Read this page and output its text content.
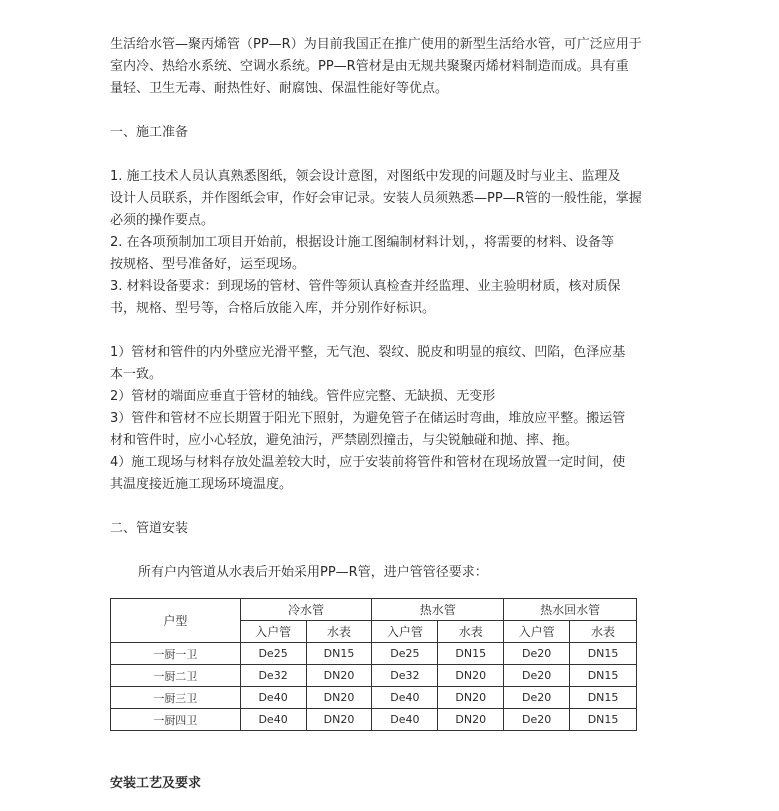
生活给水管—聚丙烯管（PP—R）为目前我国正在推广使用的新型生活给水管，可广泛应用于

室内冷、热给水系统、空调水系统。PP—R管材是由无规共聚聚丙烯材料制造而成。具有重

量轻、卫生无毒、耐热性好、耐腐蚀、保温性能好等优点。

一、施工准备

1. 施工技术人员认真熟悉图纸，领会设计意图，对图纸中发现的问题及时与业主、监理及

设计人员联系，并作图纸会审，作好会审记录。安装人员须熟悉—PP—R管的一般性能，掌握

必须的操作要点。

2. 在各项预制加工项目开始前，根据设计施工图编制材料计划，，将需要的材料、设备等

按规格、型号准备好，运至现场。

3. 材料设备要求：到现场的管材、管件等须认真检查并经监理、业主验明材质，核对质保

书，规格、型号等，合格后放能入库，并分别作好标识。

1）管材和管件的内外壁应光滑平整，无气泡、裂纹、脱皮和明显的痕纹、凹陷，色泽应基

本一致。

2）管材的端面应垂直于管材的轴线。管件应完整、无缺损、无变形

3）管件和管材不应长期置于阳光下照射，为避免管子在储运时弯曲，堆放应平整。搬运管

材和管件时，应小心轻放，避免油污，严禁剧烈撞击，与尖锐触碰和抛、摔、拖。

4）施工现场与材料存放处温差较大时，应于安装前将管件和管材在现场放置一定时间，使

其温度接近施工现场环境温度。

二、管道安装

所有户内管道从水表后开始采用PP—R管，进户管管径要求：

户型	冷水管		热水管		热水回水管	
	入户管	水表	入户管	水表	入户管	水表
一厨一卫	De25	DN15	De25	DN15	De20	DN15
一厨二卫	De32	DN20	De32	DN20	De20	DN15
一厨三卫	De40	DN20	De40	DN20	De20	DN15
一厨四卫	De40	DN20	De40	DN20	De20	DN15

安装工艺及要求
